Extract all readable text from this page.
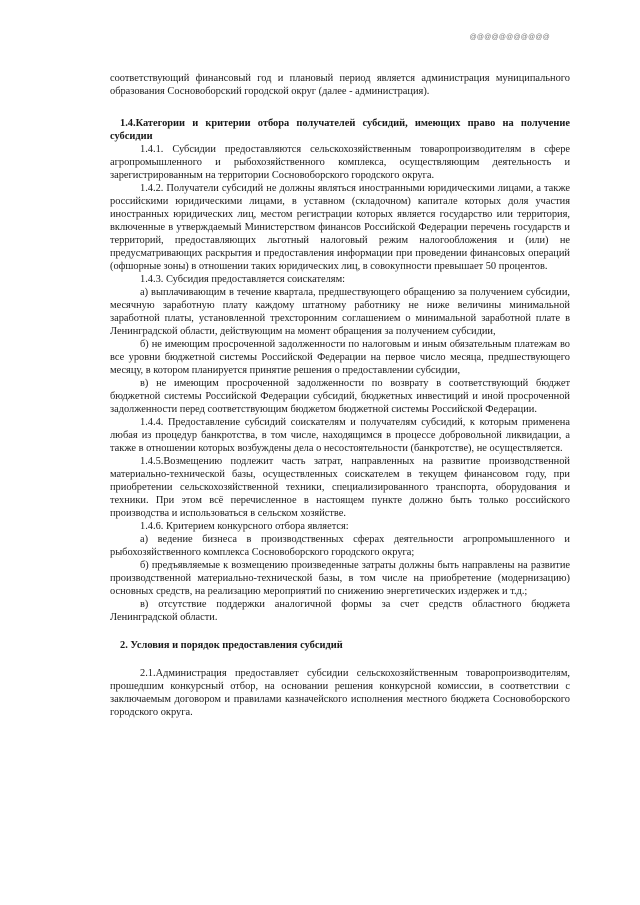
@@@@@@@@@@@

соответствующий финансовый год и плановый период является администрация муниципального образования Сосновоборский городской округ (далее - администрация).

1.4.Категории и критерии отбора получателей субсидий, имеющих право на получение субсидии

1.4.1. Субсидии предоставляются сельскохозяйственным товаропроизводителям в сфере агропромышленного и рыбохозяйственного комплекса, осуществляющим деятельность и зарегистрированным на территории Сосновоборского городского округа.

1.4.2. Получатели субсидий не должны являться иностранными юридическими лицами, а также российскими юридическими лицами, в уставном (складочном) капитале которых доля участия иностранных юридических лиц, местом регистрации которых является государство или территория, включенные в утверждаемый Министерством финансов Российской Федерации перечень государств и территорий, предоставляющих льготный налоговый режим налогообложения и (или) не предусматривающих раскрытия и предоставления информации при проведении финансовых операций (офшорные зоны) в отношении таких юридических лиц, в совокупности превышает 50 процентов.

1.4.3. Субсидия предоставляется соискателям:

а) выплачивающим в течение квартала, предшествующего обращению за получением субсидии, месячную заработную плату каждому штатному работнику не ниже величины минимальной заработной платы, установленной трехсторонним соглашением о минимальной заработной плате в Ленинградской области, действующим на момент обращения за получением субсидии,

б) не имеющим просроченной задолженности по налоговым и иным обязательным платежам во все уровни бюджетной системы Российской Федерации на первое число месяца, предшествующего месяцу, в котором планируется принятие решения о предоставлении субсидии,

в) не имеющим просроченной задолженности по возврату в соответствующий бюджет бюджетной системы Российской Федерации субсидий, бюджетных инвестиций и иной просроченной задолженности перед соответствующим бюджетом бюджетной системы Российской Федерации.

1.4.4. Предоставление субсидий соискателям и получателям субсидий, к которым применена любая из процедур банкротства, в том числе, находящимся в процессе добровольной ликвидации, а также в отношении которых возбуждены дела о несостоятельности (банкротстве), не осуществляется.

1.4.5.Возмещению подлежит часть затрат, направленных на развитие производственной материально-технической базы, осуществленных соискателем в текущем финансовом году, при приобретении сельскохозяйственной техники, специализированного транспорта, оборудования и техники. При этом всё перечисленное в настоящем пункте должно быть только российского производства и использоваться в сельском хозяйстве.

1.4.6. Критерием конкурсного отбора является:

а) ведение бизнеса в производственных сферах деятельности агропромышленного и рыбохозяйственного комплекса Сосновоборского городского округа;

б) предъявляемые к возмещению произведенные затраты должны быть направлены на развитие производственной материально-технической базы, в том числе на приобретение (модернизацию) основных средств, на реализацию мероприятий по снижению энергетических издержек и т.д.;

в) отсутствие поддержки аналогичной формы за счет средств областного бюджета Ленинградской области.

2. Условия и порядок предоставления субсидий

2.1.Администрация предоставляет субсидии сельскохозяйственным товаропроизводителям, прошедшим конкурсный отбор, на основании решения конкурсной комиссии, в соответствии с заключаемым договором и правилами казначейского исполнения местного бюджета Сосновоборского городского округа.
